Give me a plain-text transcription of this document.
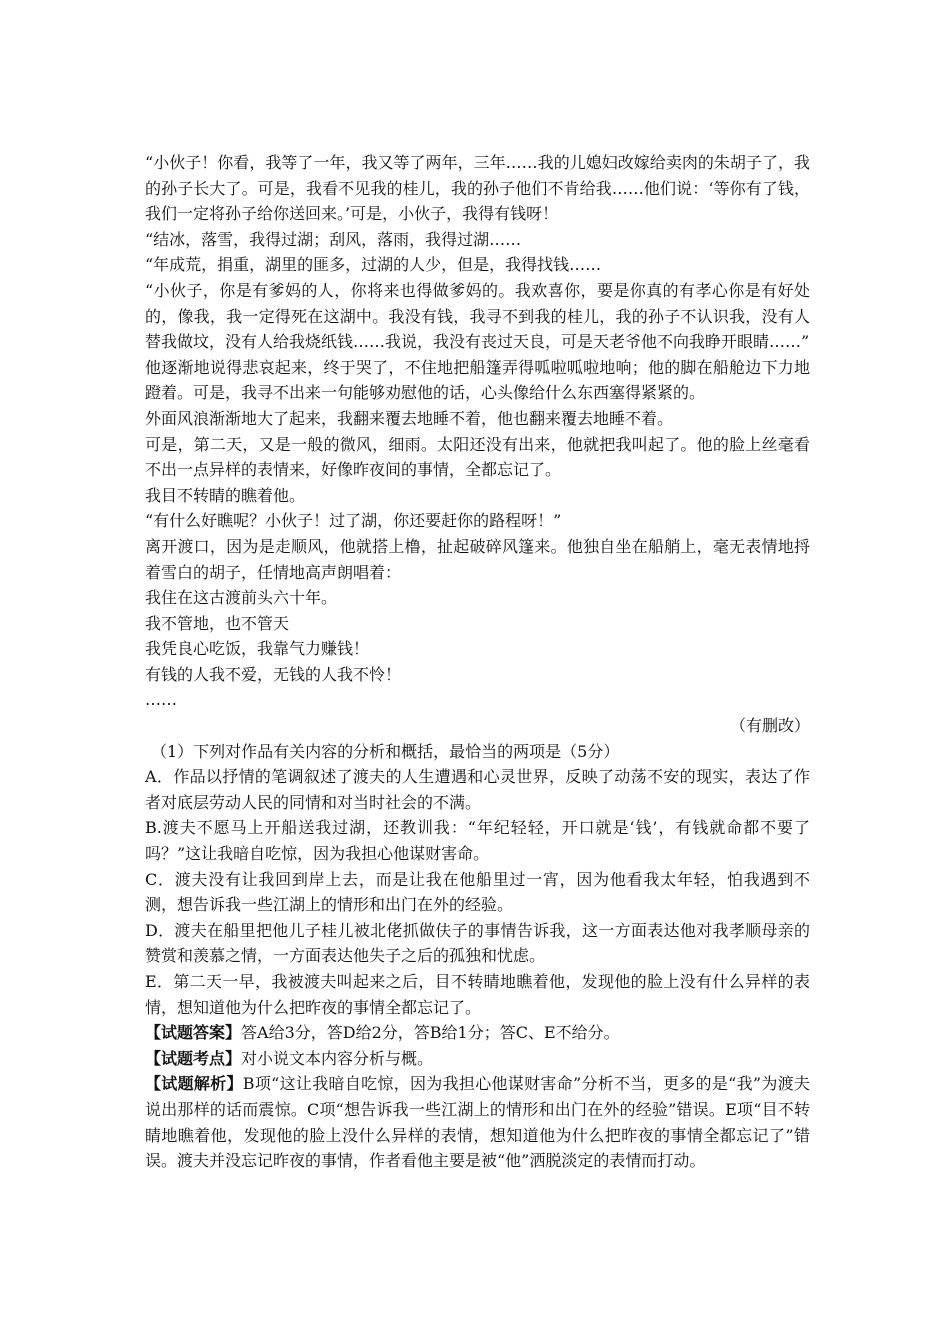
“小伙子！你看，我等了一年，我又等了两年，三年……我的儿媳妇改嫁给卖肉的朱胡子了，我的孙子长大了。可是，我看不见我的桂儿，我的孙子他们不肯给我……他们说：‘等你有了钱，我们一定将孙子给你送回来。’可是，小伙子，我得有钱呀！

“结冰，落雪，我得过湖；刮风，落雨，我得过湖……

“年成荒，捐重，湖里的匪多，过湖的人少，但是，我得找钱……

“小伙子，你是有爹妈的人，你将来也得做爹妈的。我欢喜你，要是你真的有孝心你是有好处的，像我，我一定得死在这湖中。我没有钱，我寻不到我的桂儿，我的孙子不认识我，没有人替我做坟，没有人给我烧纸钱……我说，我没有丧过天良，可是天老爷他不向我睁开眼睛……”

他逐渐地说得悲哀起来，终于哭了，不住地把船篷弄得呱啦呱啦地响；他的脚在船舱边下力地蹬着。可是，我寻不出来一句能够劝慰他的话，心头像给什么东西塞得紧紧的。

外面风浪渐渐地大了起来，我翻来覆去地睡不着，他也翻来覆去地睡不着。

可是，第二天，又是一般的微风，细雨。太阳还没有出来，他就把我叫起了。他的脸上丝毫看不出一点异样的表情来，好像昨夜间的事情，全都忘记了。

我目不转睛的瞧着他。

“有什么好瞧呢？小伙子！过了湖，你还要赶你的路程呀！”

离开渡口，因为是走顺风，他就搭上橹，扯起破碎风篷来。他独自坐在船艄上，毫无表情地捋着雪白的胡子，任情地高声朗唱着：

我住在这古渡前头六十年。

我不管地，也不管天

我凭良心吃饭，我靠气力赚钱！

有钱的人我不爱，无钱的人我不怜！

……

（有删改）

（1）下列对作品有关内容的分析和概括，最恰当的两项是（5分）

A．作品以抒情的笔调叙述了渡夫的人生遭遇和心灵世界，反映了动荡不安的现实，表达了作者对底层劳动人民的同情和对当时社会的不满。

B.渡夫不愿马上开船送我过湖，还教训我：“年纪轻轻，开口就是‘钱’，有钱就命都不要了吗？”这让我暗自吃惊，因为我担心他谋财害命。

C．渡夫没有让我回到岸上去，而是让我在他船里过一宵，因为他看我太年轻，怕我遇到不测，想告诉我一些江湖上的情形和出门在外的经验。

D．渡夫在船里把他儿子桂儿被北佬抓做伕子的事情告诉我，这一方面表达他对我孝顺母亲的赞赏和羡慕之情，一方面表达他失子之后的孤独和忧虑。

E．第二天一早，我被渡夫叫起来之后，目不转睛地瞧着他，发现他的脸上没有什么异样的表情，想知道他为什么把昨夜的事情全都忘记了。

【试题答案】答A给3分，答D给2分，答B给1分；答C、E不给分。

【试题考点】对小说文本内容分析与概。

【试题解析】B项“这让我暗自吃惊，因为我担心他谋财害命”分析不当，更多的是“我”为渡夫说出那样的话而震惊。C项“想告诉我一些江湖上的情形和出门在外的经验”错误。E项“目不转睛地瞧着他，发现他的脸上没什么异样的表情，想知道他为什么把昨夜的事情全都忘记了”错误。渡夫并没忘记昨夜的事情，作者看他主要是被“他”洒脱淡定的表情而打动。
